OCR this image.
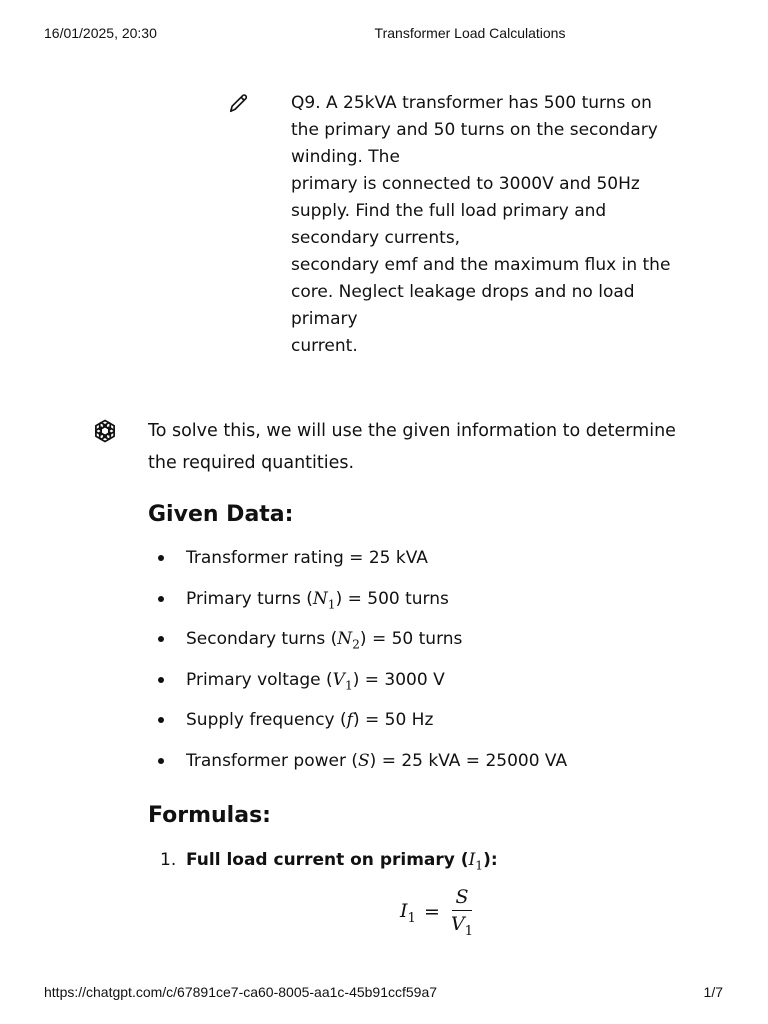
16/01/2025, 20:30	Transformer Load Calculations
Q9. A 25kVA transformer has 500 turns on
the primary and 50 turns on the secondary
winding. The
primary is connected to 3000V and 50Hz
supply. Find the full load primary and
secondary currents,
secondary emf and the maximum flux in the
core. Neglect leakage drops and no load
primary
current.
To solve this, we will use the given information to determine the required quantities.
Given Data:
Transformer rating = 25 kVA
Primary turns $(N_1) = 500$ turns
Secondary turns $(N_2) = 50$ turns
Primary voltage $(V_1) = 3000$ V
Supply frequency (f) = 50 Hz
Transformer power (S) = 25 kVA = 25000 VA
Formulas:
1. Full load current on primary $(I_1)$:
$I_1 = \frac{S}{V_1}$
https://chatgpt.com/c/67891ce7-ca60-8005-aa1c-45b91ccf59a7	1/7
